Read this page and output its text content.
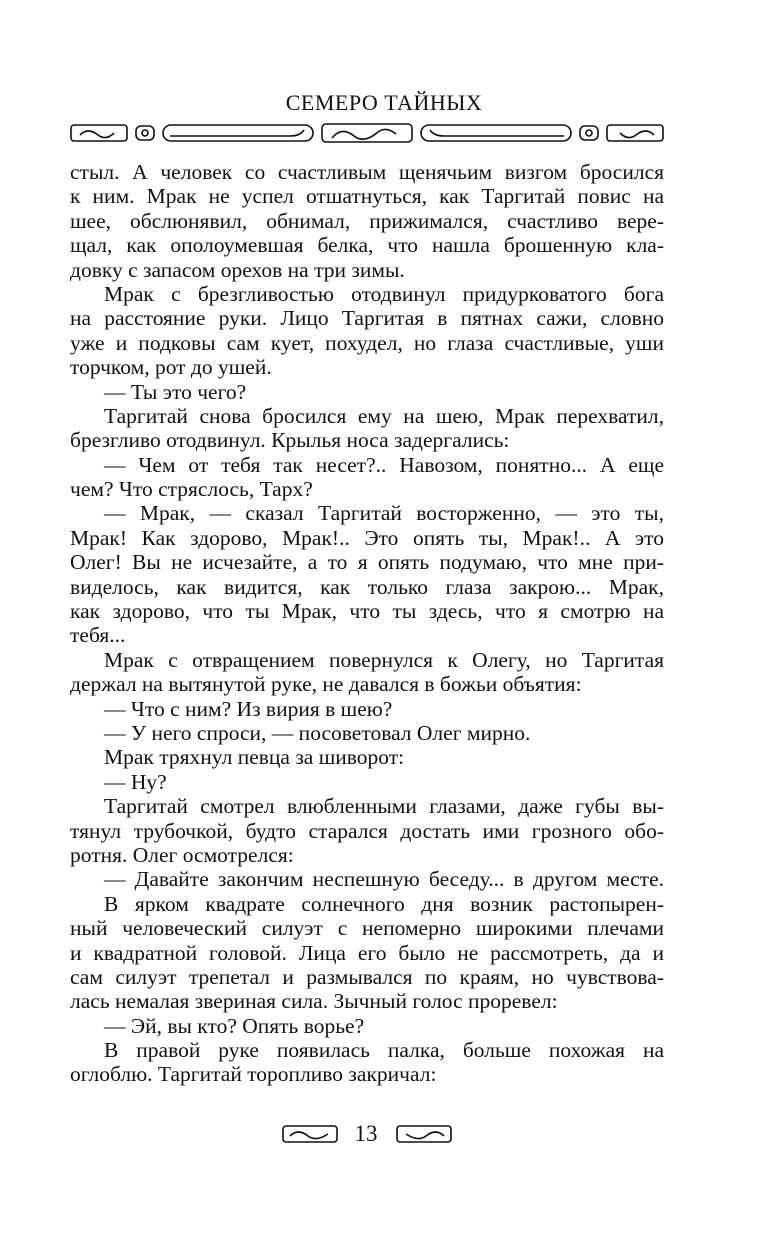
СЕМЕРО ТАЙНЫХ
стыл. А человек со счастливым щенячьим визгом бросился
к ним. Мрак не успел отшатнуться, как Таргитай повис на
шее, обслюнявил, обнимал, прижимался, счастливо вере-
щал, как ополоумевшая белка, что нашла брошенную кла-
довку с запасом орехов на три зимы.
Мрак с брезгливостью отодвинул придурковатого бога
на расстояние руки. Лицо Таргитая в пятнах сажи, словно
уже и подковы сам кует, похудел, но глаза счастливые, уши
торчком, рот до ушей.
— Ты это чего?
Таргитай снова бросился ему на шею, Мрак перехватил,
брезгливо отодвинул. Крылья носа задергались:
— Чем от тебя так несет?.. Навозом, понятно... А еще
чем? Что стряслось, Тарх?
— Мрак, — сказал Таргитай восторженно, — это ты,
Мрак! Как здорово, Мрак!.. Это опять ты, Мрак!.. А это
Олег! Вы не исчезайте, а то я опять подумаю, что мне при-
виделось, как видится, как только глаза закрою... Мрак,
как здорово, что ты Мрак, что ты здесь, что я смотрю на
тебя...
Мрак с отвращением повернулся к Олегу, но Таргитая
держал на вытянутой руке, не давался в божьи объятия:
— Что с ним? Из вирия в шею?
— У него спроси, — посоветовал Олег мирно.
Мрак тряхнул певца за шиворот:
— Ну?
Таргитай смотрел влюбленными глазами, даже губы вы-
тянул трубочкой, будто старался достать ими грозного обо-
ротня. Олег осмотрелся:
— Давайте закончим неспешную беседу... в другом месте.
В ярком квадрате солнечного дня возник растопырен-
ный человеческий силуэт с непомерно широкими плечами
и квадратной головой. Лица его было не рассмотреть, да и
сам силуэт трепетал и размывался по краям, но чувствова-
лась немалая звериная сила. Зычный голос проревел:
— Эй, вы кто? Опять ворье?
В правой руке появилась палка, больше похожая на
оглоблю. Таргитай торопливо закричал:
13
